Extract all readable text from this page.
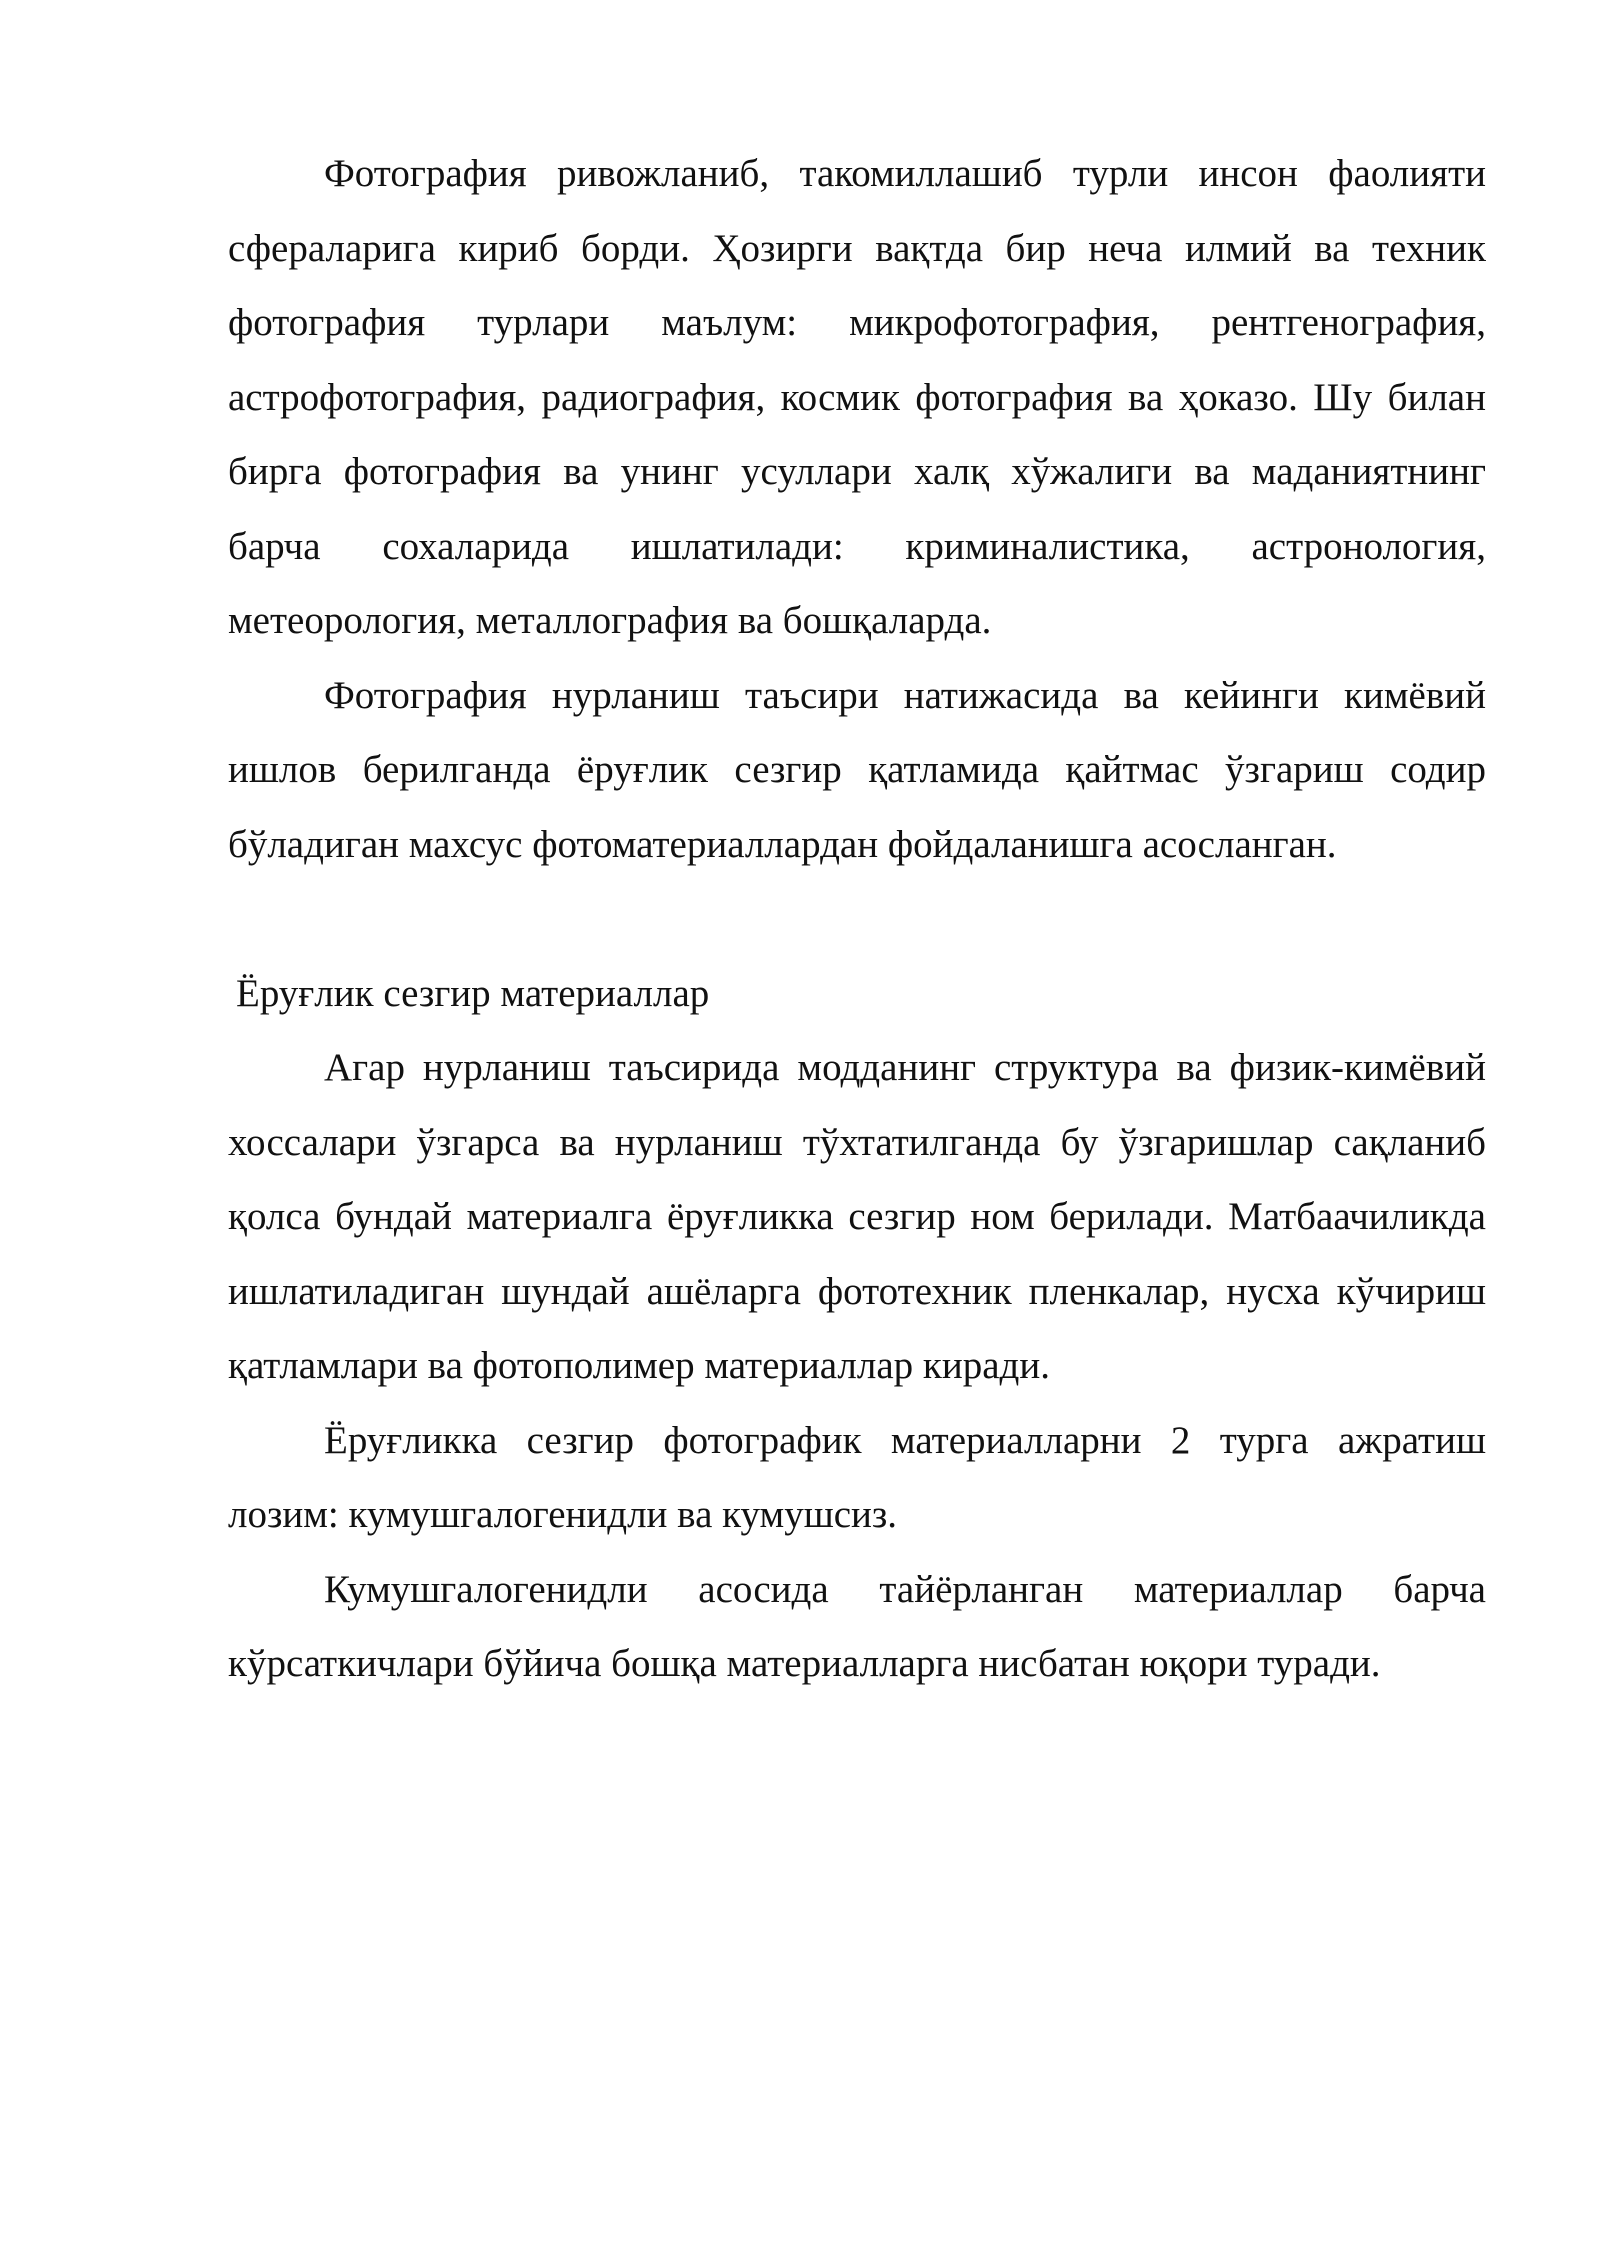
Фотография ривожланиб, такомиллашиб турли инсон фаолияти сфераларига кириб борди. Ҳозирги вақтда бир неча илмий ва техник фотография турлари маълум: микрофотография, рентгенография, астрофотография, радиография, космик фотография ва ҳоказо. Шу билан бирга фотография ва унинг усуллари халқ хўжалиги ва маданиятнинг барча сохаларида ишлатилади: криминалистика, астронология, метеорология, металлография ва бошқаларда.

Фотография нурланиш таъсири натижасида ва кейинги кимёвий ишлов берилганда ёруғлик сезгир қатламида қайтмас ўзгариш содир бўладиган махсус фотоматериаллардан фойдаланишга асосланган.

Ёруғлик сезгир материаллар

Агар нурланиш таъсирида модданинг структура ва физик-кимёвий хоссалари ўзгарса ва нурланиш тўхтатилганда бу ўзгаришлар сақланиб қолса бундай материалга ёруғликка сезгир ном берилади. Матбаачиликда ишлатиладиган шундай ашёларга фототехник пленкалар, нусха кўчириш қатламлари ва фотополимер материаллар киради.

Ёруғликка сезгир фотографик материалларни 2 турга ажратиш лозим: кумушгалогенидли ва кумушсиз.

Кумушгалогенидли асосида тайёрланган материаллар барча кўрсаткичлари бўйича бошқа материалларга нисбатан юқори туради.
